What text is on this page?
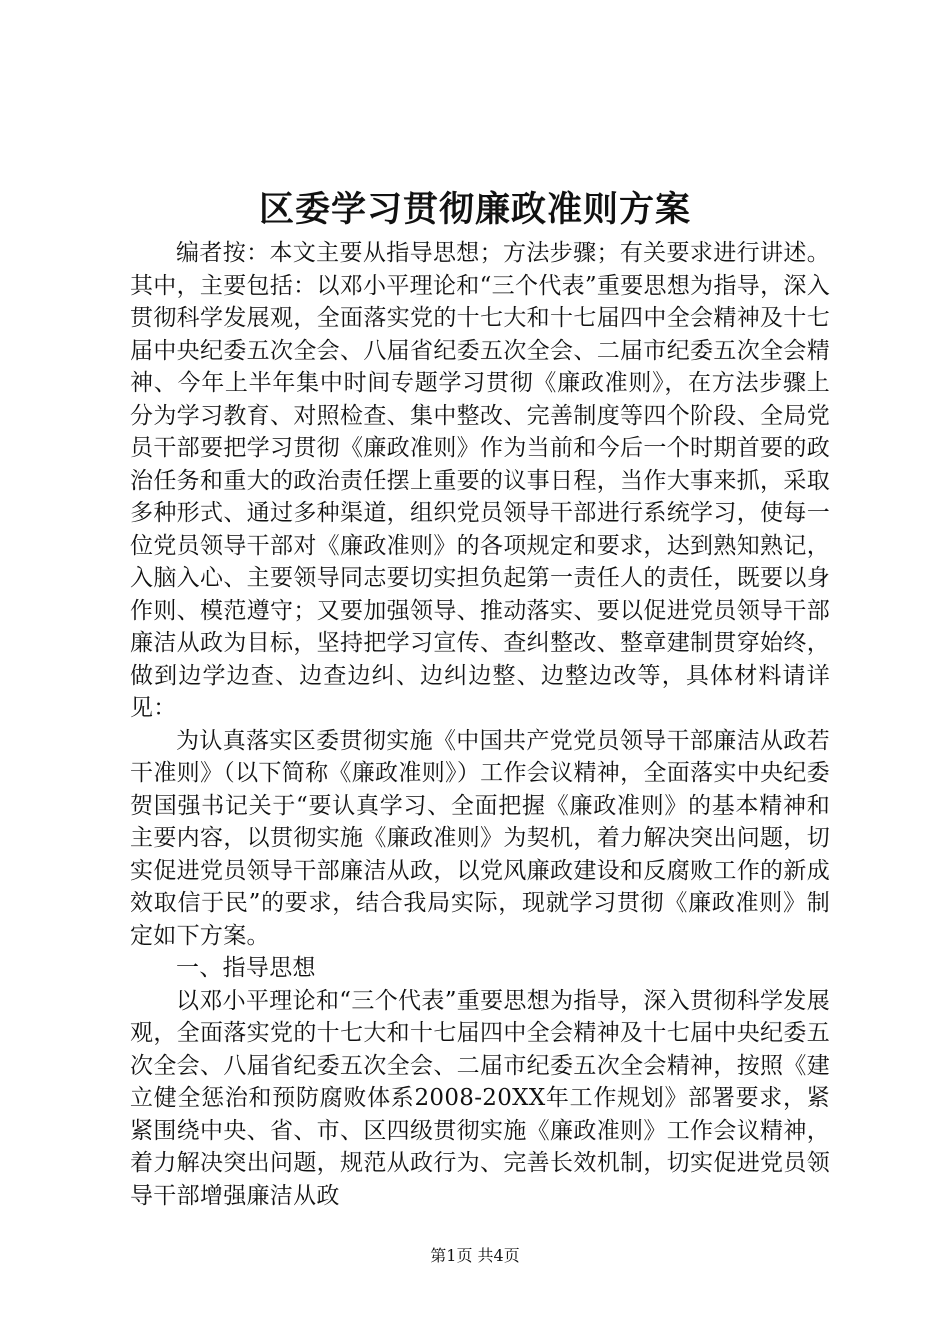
区委学习贯彻廉政准则方案

编者按：本文主要从指导思想；方法步骤；有关要求进行讲述。其中，主要包括：以邓小平理论和“三个代表”重要思想为指导，深入贯彻科学发展观，全面落实党的十七大和十七届四中全会精神及十七届中央纪委五次全会、八届省纪委五次全会、二届市纪委五次全会精神、今年上半年集中时间专题学习贯彻《廉政准则》，在方法步骤上分为学习教育、对照检查、集中整改、完善制度等四个阶段、全局党员干部要把学习贯彻《廉政准则》作为当前和今后一个时期首要的政治任务和重大的政治责任摆上重要的议事日程，当作大事来抓，采取多种形式、通过多种渠道，组织党员领导干部进行系统学习，使每一位党员领导干部对《廉政准则》的各项规定和要求，达到熟知熟记，入脑入心、主要领导同志要切实担负起第一责任人的责任，既要以身作则、模范遵守；又要加强领导、推动落实、要以促进党员领导干部廉洁从政为目标，坚持把学习宣传、查纠整改、整章建制贯穿始终，做到边学边查、边查边纠、边纠边整、边整边改等，具体材料请详见：

为认真落实区委贯彻实施《中国共产党党员领导干部廉洁从政若干准则》（以下简称《廉政准则》）工作会议精神，全面落实中央纪委贺国强书记关于“要认真学习、全面把握《廉政准则》的基本精神和主要内容，以贯彻实施《廉政准则》为契机，着力解决突出问题，切实促进党员领导干部廉洁从政，以党风廉政建设和反腐败工作的新成效取信于民”的要求，结合我局实际，现就学习贯彻《廉政准则》制定如下方案。

一、指导思想

以邓小平理论和“三个代表”重要思想为指导，深入贯彻科学发展观，全面落实党的十七大和十七届四中全会精神及十七届中央纪委五次全会、八届省纪委五次全会、二届市纪委五次全会精神，按照《建立健全惩治和预防腐败体系2008-20XX年工作规划》部署要求，紧紧围绕中央、省、市、区四级贯彻实施《廉政准则》工作会议精神，着力解决突出问题，规范从政行为、完善长效机制，切实促进党员领导干部增强廉洁从政

第1页 共4页
